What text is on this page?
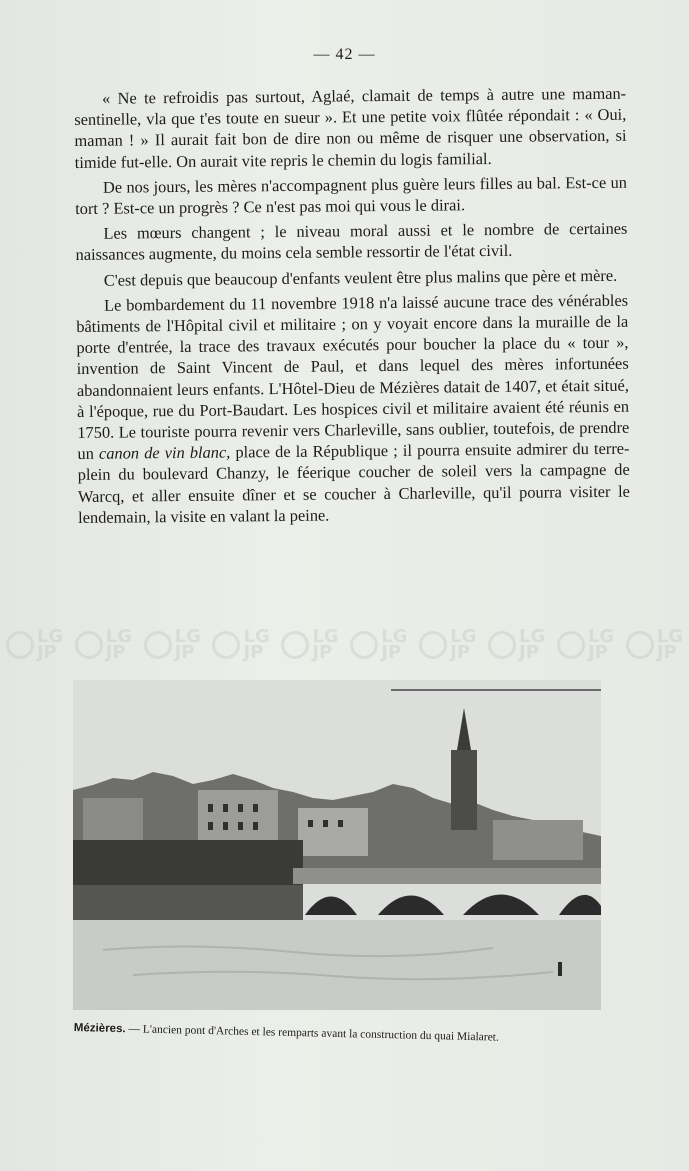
— 42 —

« Ne te refroidis pas surtout, Aglaé, clamait de temps à autre une maman-sentinelle, vla que t'es toute en sueur ». Et une petite voix flûtée répondait : « Oui, maman ! » Il aurait fait bon de dire non ou même de risquer une observation, si timide fut-elle. On aurait vite repris le chemin du logis familial.

De nos jours, les mères n'accompagnent plus guère leurs filles au bal. Est-ce un tort ? Est-ce un progrès ? Ce n'est pas moi qui vous le dirai.

Les mœurs changent ; le niveau moral aussi et le nombre de certaines naissances augmente, du moins cela semble ressortir de l'état civil.

C'est depuis que beaucoup d'enfants veulent être plus malins que père et mère.

Le bombardement du 11 novembre 1918 n'a laissé aucune trace des vénérables bâtiments de l'Hôpital civil et militaire ; on y voyait encore dans la muraille de la porte d'entrée, la trace des travaux exécutés pour boucher la place du « tour », invention de Saint Vincent de Paul, et dans lequel des mères infortunées abandonnaient leurs enfants. L'Hôtel-Dieu de Mézières datait de 1407, et était situé, à l'époque, rue du Port-Baudart. Les hospices civil et militaire avaient été réunis en 1750. Le touriste pourra revenir vers Charleville, sans oublier, toutefois, de prendre un canon de vin blanc, place de la République ; il pourra ensuite admirer du terre-plein du boulevard Chanzy, le féerique coucher de soleil vers la campagne de Warcq, et aller ensuite dîner et se coucher à Charleville, qu'il pourra visiter le lendemain, la visite en valant la peine.

LG
JP
LG
JP
LG
JP
LG
JP
LG
JP
LG
JP
LG
JP
LG
JP
LG
JP
LG
JP
Mézières. — L'ancien pont d'Arches et les remparts avant la construction du quai Mialaret.
